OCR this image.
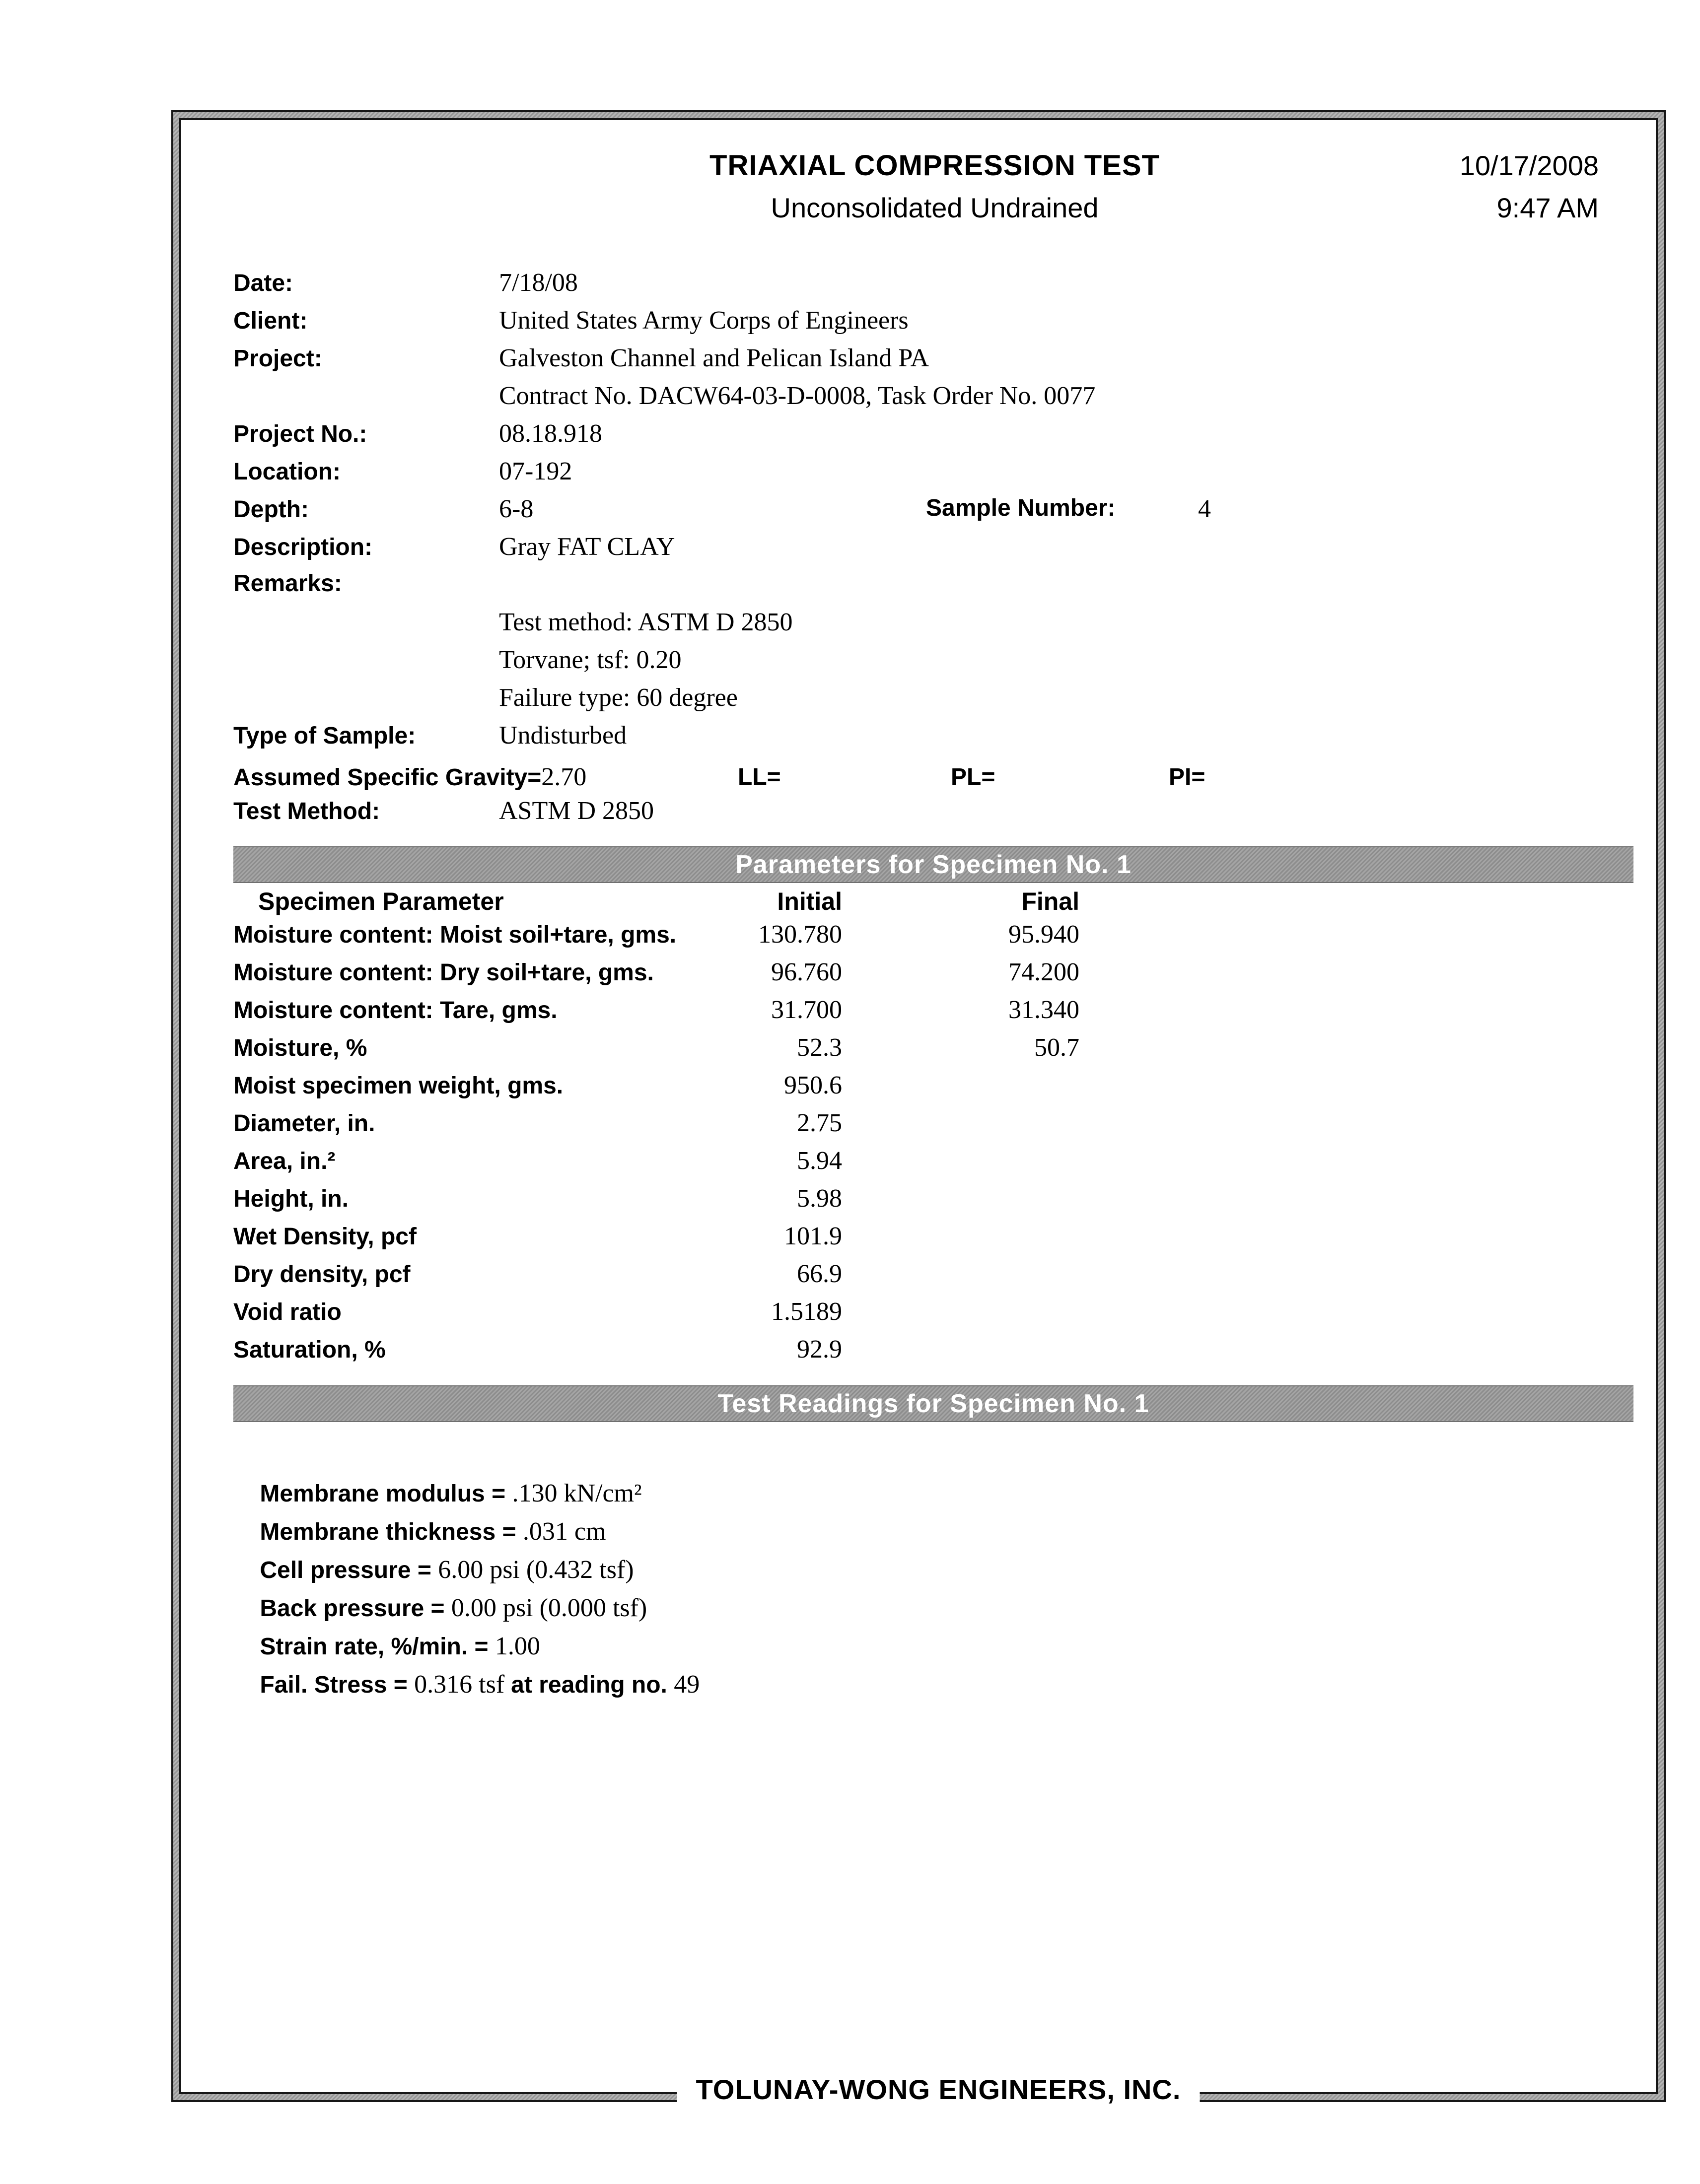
TRIAXIAL COMPRESSION TEST
Unconsolidated Undrained
10/17/2008
9:47 AM
Date:	7/18/08
Client:	United States Army Corps of Engineers
Project:	Galveston Channel and Pelican Island PA
Contract No. DACW64-03-D-0008, Task Order No. 0077
Project No.:	08.18.918
Location:	07-192
Depth:	6-8	Sample Number:	4
Description:	Gray FAT CLAY
Remarks:
Test method: ASTM D 2850
Torvane; tsf: 0.20
Failure type: 60 degree
Type of Sample:	Undisturbed
Assumed Specific Gravity=2.70	LL=	PL=	PI=
Test Method:	ASTM D 2850
Parameters for Specimen No. 1
Specimen Parameter	Initial	Final
Moisture content: Moist soil+tare, gms.	130.780	95.940
Moisture content: Dry soil+tare, gms.	96.760	74.200
Moisture content: Tare, gms.	31.700	31.340
Moisture, %	52.3	50.7
Moist specimen weight, gms.	950.6
Diameter, in.	2.75
Area, in.²	5.94
Height, in.	5.98
Wet Density, pcf	101.9
Dry density, pcf	66.9
Void ratio	1.5189
Saturation, %	92.9
Test Readings for Specimen No. 1

Membrane modulus = .130 kN/cm²

Membrane thickness = .031 cm

Cell pressure = 6.00 psi (0.432 tsf)

Back pressure = 0.00 psi (0.000 tsf)

Strain rate, %/min. = 1.00

Fail. Stress = 0.316 tsf at reading no. 49

TOLUNAY-WONG ENGINEERS, INC.
